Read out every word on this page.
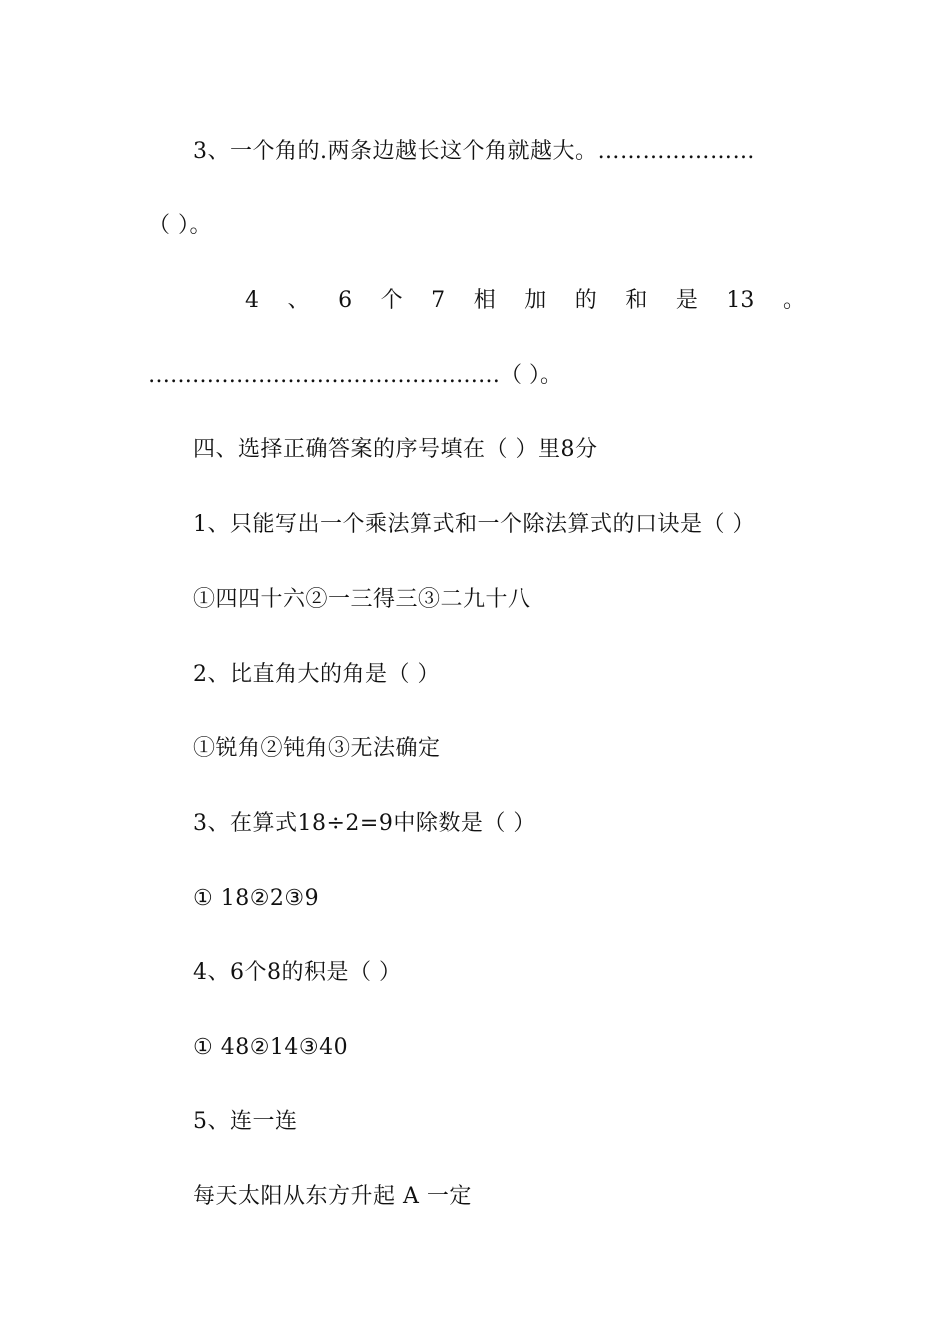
3、一个角的.两条边越长这个角就越大。…………………
（ ）。
4 、 6 个 7 相 加 的 和 是 13 。
…………………………………………（ ）。
四、选择正确答案的序号填在（ ）里8分
1、只能写出一个乘法算式和一个除法算式的口诀是（ ）
①四四十六②一三得三③二九十八
2、比直角大的角是（ ）
①锐角②钝角③无法确定
3、在算式18÷2=9中除数是（ ）
① 18②2③9
4、6个8的积是（ ）
① 48②14③40
5、连一连
每天太阳从东方升起 A 一定
